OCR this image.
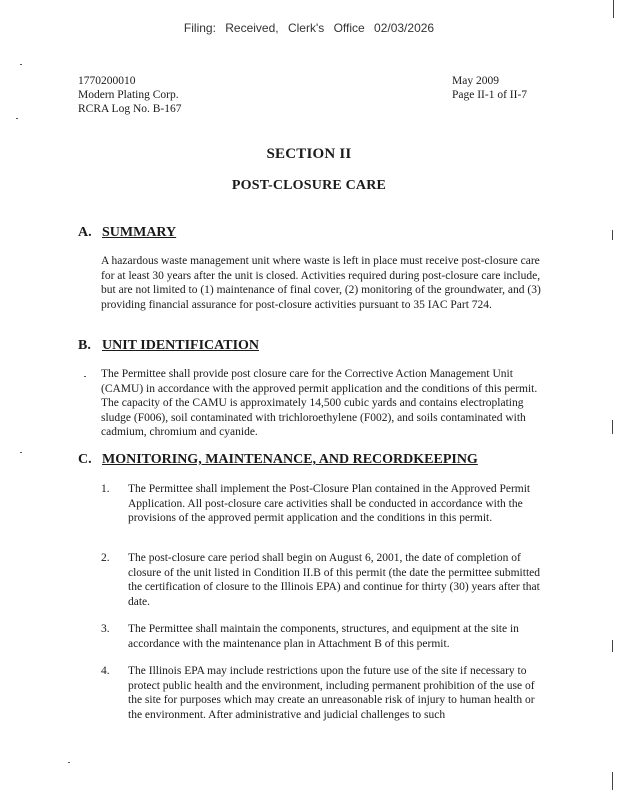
Filing: Received, Clerk's Office 02/03/2026
1770200010
Modern Plating Corp.
RCRA Log No. B-167
May 2009
Page II-1 of II-7
SECTION II
POST-CLOSURE CARE
A. SUMMARY
A hazardous waste management unit where waste is left in place must receive post-closure care for at least 30 years after the unit is closed. Activities required during post-closure care include, but are not limited to (1) maintenance of final cover, (2) monitoring of the groundwater, and (3) providing financial assurance for post-closure activities pursuant to 35 IAC Part 724.
B. UNIT IDENTIFICATION
The Permittee shall provide post closure care for the Corrective Action Management Unit (CAMU) in accordance with the approved permit application and the conditions of this permit. The capacity of the CAMU is approximately 14,500 cubic yards and contains electroplating sludge (F006), soil contaminated with trichloroethylene (F002), and soils contaminated with cadmium, chromium and cyanide.
C. MONITORING, MAINTENANCE, AND RECORDKEEPING
1.	The Permittee shall implement the Post-Closure Plan contained in the Approved Permit Application. All post-closure care activities shall be conducted in accordance with the provisions of the approved permit application and the conditions in this permit.
2.	The post-closure care period shall begin on August 6, 2001, the date of completion of closure of the unit listed in Condition II.B of this permit (the date the permittee submitted the certification of closure to the Illinois EPA) and continue for thirty (30) years after that date.
3.	The Permittee shall maintain the components, structures, and equipment at the site in accordance with the maintenance plan in Attachment B of this permit.
4.	The Illinois EPA may include restrictions upon the future use of the site if necessary to protect public health and the environment, including permanent prohibition of the use of the site for purposes which may create an unreasonable risk of injury to human health or the environment. After administrative and judicial challenges to such
